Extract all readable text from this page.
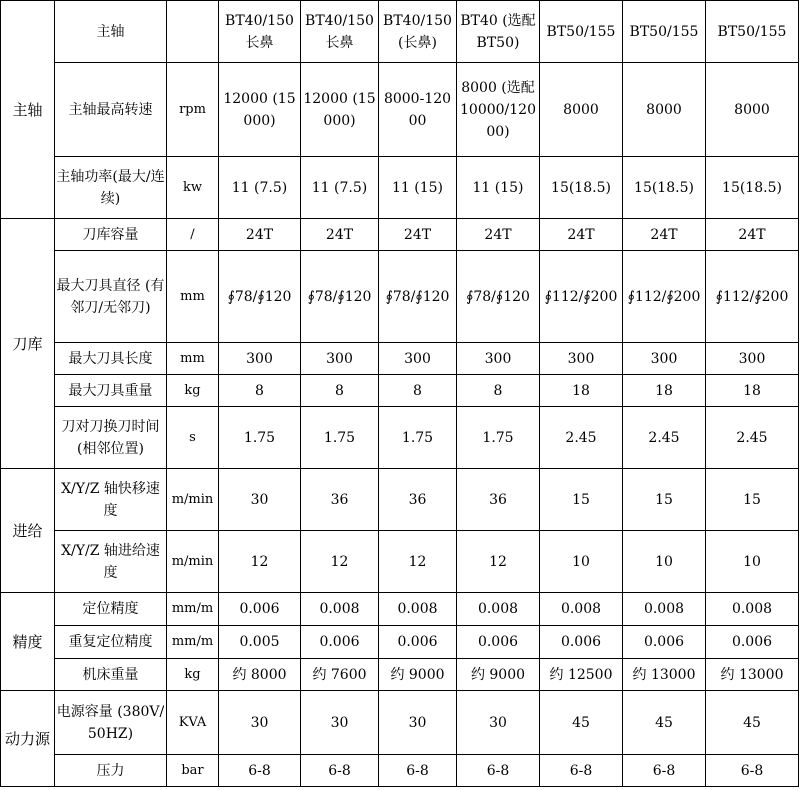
主轴	主轴		BT40/150 长鼻	BT40/150 长鼻	BT40/150 (长鼻)	BT40 (选配 BT50)	BT50/155	BT50/155	BT50/155
	主轴最高转速	rpm	12000 (15000)	12000 (15000)	8000-12000	8000 (选配 10000/12000)	8000	8000	8000
	主轴功率(最大/连续)	kw	11 (7.5)	11 (7.5)	11 (15)	11 (15)	15(18.5)	15(18.5)	15(18.5)
刀库	刀库容量	/	24T	24T	24T	24T	24T	24T	24T
	最大刀具直径 (有邻刀/无邻刀)	mm	∮78/∮120	∮78/∮120	∮78/∮120	∮78/∮120	∮112/∮200	∮112/∮200	∮112/∮200
	最大刀具长度	mm	300	300	300	300	300	300	300
	最大刀具重量	kg	8	8	8	8	18	18	18
	刀对刀换刀时间 (相邻位置)	s	1.75	1.75	1.75	1.75	2.45	2.45	2.45
进给	X/Y/Z 轴快移速度	m/min	30	36	36	36	15	15	15
	X/Y/Z 轴进给速度	m/min	12	12	12	12	10	10	10
精度	定位精度	mm/m	0.006	0.008	0.008	0.008	0.008	0.008	0.008
	重复定位精度	mm/m	0.005	0.006	0.006	0.006	0.006	0.006	0.006
	机床重量	kg	约 8000	约 7600	约 9000	约 9000	约 12500	约 13000	约 13000
动力源	电源容量 (380V/50HZ)	KVA	30	30	30	30	45	45	45
	压力	bar	6-8	6-8	6-8	6-8	6-8	6-8	6-8
